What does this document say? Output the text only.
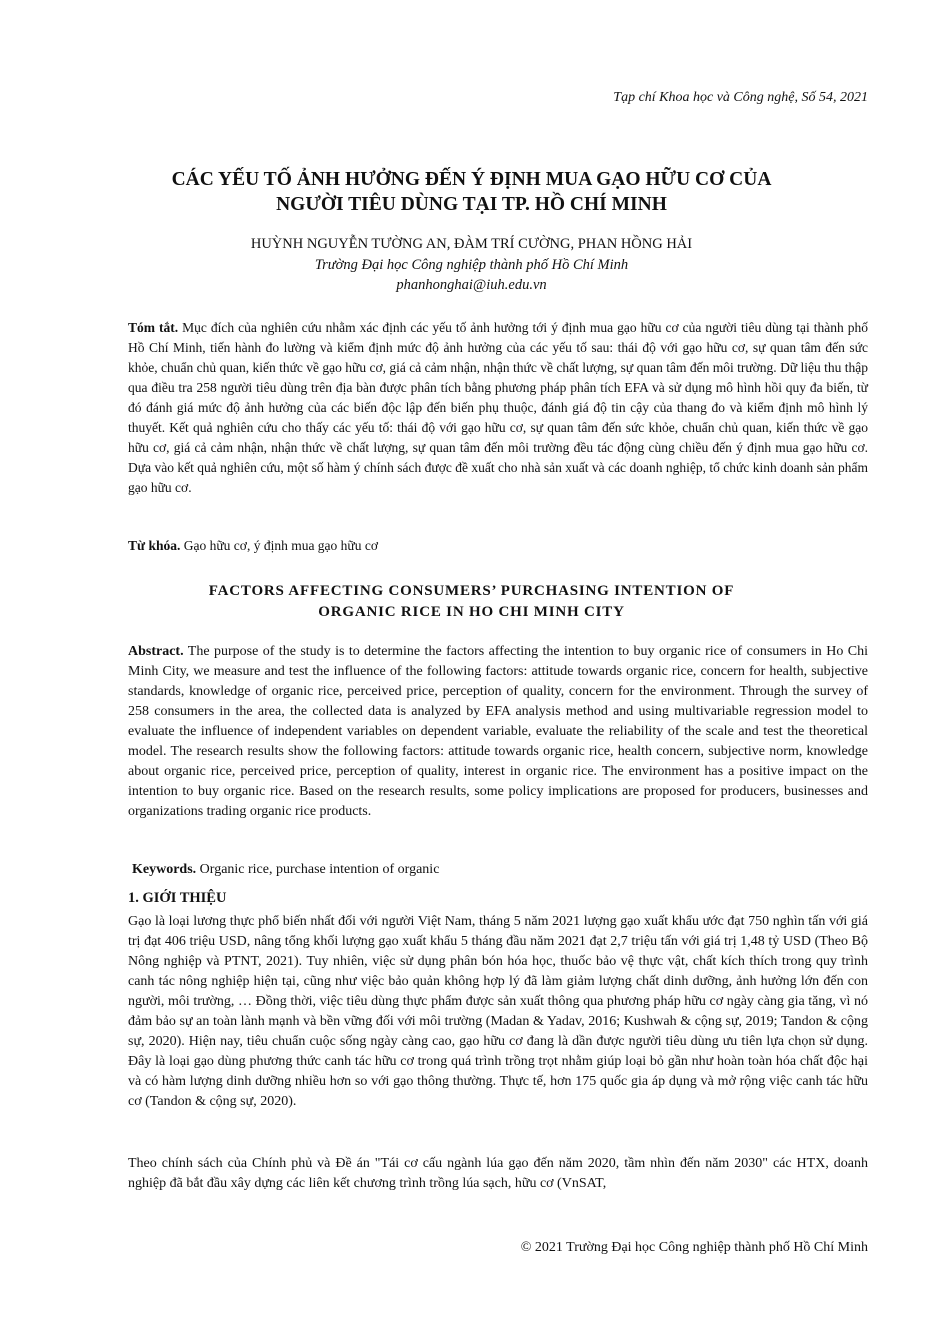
Tạp chí Khoa học và Công nghệ, Số 54, 2021
CÁC YẾU TỐ ẢNH HƯỞNG ĐẾN Ý ĐỊNH MUA GẠO HỮU CƠ CỦA
NGƯỜI TIÊU DÙNG TẠI TP. HỒ CHÍ MINH
HUỲNH NGUYỄN TƯỜNG AN, ĐÀM TRÍ CƯỜNG, PHAN HỒNG HẢI
Trường Đại học Công nghiệp thành phố Hồ Chí Minh
phanhonghai@iuh.edu.vn

Tóm tắt. Mục đích của nghiên cứu nhằm xác định các yếu tố ảnh hưởng tới ý định mua gạo hữu cơ của người tiêu dùng tại thành phố Hồ Chí Minh, tiến hành đo lường và kiểm định mức độ ảnh hưởng của các yếu tố sau: thái độ với gạo hữu cơ, sự quan tâm đến sức khỏe, chuẩn chủ quan, kiến thức về gạo hữu cơ, giá cả cảm nhận, nhận thức về chất lượng, sự quan tâm đến môi trường. Dữ liệu thu thập qua điều tra 258 người tiêu dùng trên địa bàn được phân tích bằng phương pháp phân tích EFA và sử dụng mô hình hồi quy đa biến, từ đó đánh giá mức độ ảnh hưởng của các biến độc lập đến biến phụ thuộc, đánh giá độ tin cậy của thang đo và kiểm định mô hình lý thuyết. Kết quả nghiên cứu cho thấy các yếu tố: thái độ với gạo hữu cơ, sự quan tâm đến sức khỏe, chuẩn chủ quan, kiến thức về gạo hữu cơ, giá cả cảm nhận, nhận thức về chất lượng, sự quan tâm đến môi trường đều tác động cùng chiều đến ý định mua gạo hữu cơ. Dựa vào kết quả nghiên cứu, một số hàm ý chính sách được đề xuất cho nhà sản xuất và các doanh nghiệp, tổ chức kinh doanh sản phẩm gạo hữu cơ.

Từ khóa. Gạo hữu cơ, ý định mua gạo hữu cơ

FACTORS AFFECTING CONSUMERS’ PURCHASING INTENTION OF
ORGANIC RICE IN HO CHI MINH CITY

Abstract. The purpose of the study is to determine the factors affecting the intention to buy organic rice of consumers in Ho Chi Minh City, we measure and test the influence of the following factors: attitude towards organic rice, concern for health, subjective standards, knowledge of organic rice, perceived price, perception of quality, concern for the environment. Through the survey of 258 consumers in the area, the collected data is analyzed by EFA analysis method and using multivariable regression model to evaluate the influence of independent variables on dependent variable, evaluate the reliability of the scale and test the theoretical model. The research results show the following factors: attitude towards organic rice, health concern, subjective norm, knowledge about organic rice, perceived price, perception of quality, interest in organic rice. The environment has a positive impact on the intention to buy organic rice. Based on the research results, some policy implications are proposed for producers, businesses and organizations trading organic rice products.

Keywords. Organic rice, purchase intention of organic

1. GIỚI THIỆU

Gạo là loại lương thực phổ biến nhất đối với người Việt Nam, tháng 5 năm 2021 lượng gạo xuất khẩu ước đạt 750 nghìn tấn với giá trị đạt 406 triệu USD, nâng tổng khối lượng gạo xuất khẩu 5 tháng đầu năm 2021 đạt 2,7 triệu tấn với giá trị 1,48 tỷ USD (Theo Bộ Nông nghiệp và PTNT, 2021). Tuy nhiên, việc sử dụng phân bón hóa học, thuốc bảo vệ thực vật, chất kích thích trong quy trình canh tác nông nghiệp hiện tại, cũng như việc bảo quản không hợp lý đã làm giảm lượng chất dinh dưỡng, ảnh hưởng lớn đến con người, môi trường, … Đồng thời, việc tiêu dùng thực phẩm được sản xuất thông qua phương pháp hữu cơ ngày càng gia tăng, vì nó đảm bảo sự an toàn lành mạnh và bền vững đối với môi trường (Madan & Yadav, 2016; Kushwah & cộng sự, 2019; Tandon & cộng sự, 2020). Hiện nay, tiêu chuẩn cuộc sống ngày càng cao, gạo hữu cơ đang là dần được người tiêu dùng ưu tiên lựa chọn sử dụng. Đây là loại gạo dùng phương thức canh tác hữu cơ trong quá trình trồng trọt nhằm giúp loại bỏ gần như hoàn toàn hóa chất độc hại và có hàm lượng dinh dưỡng nhiều hơn so với gạo thông thường. Thực tế, hơn 175 quốc gia áp dụng và mở rộng việc canh tác hữu cơ (Tandon & cộng sự, 2020).

Theo chính sách của Chính phủ và Đề án "Tái cơ cấu ngành lúa gạo đến năm 2020, tầm nhìn đến năm 2030" các HTX, doanh nghiệp đã bắt đầu xây dựng các liên kết chương trình trồng lúa sạch, hữu cơ (VnSAT,

© 2021 Trường Đại học Công nghiệp thành phố Hồ Chí Minh
